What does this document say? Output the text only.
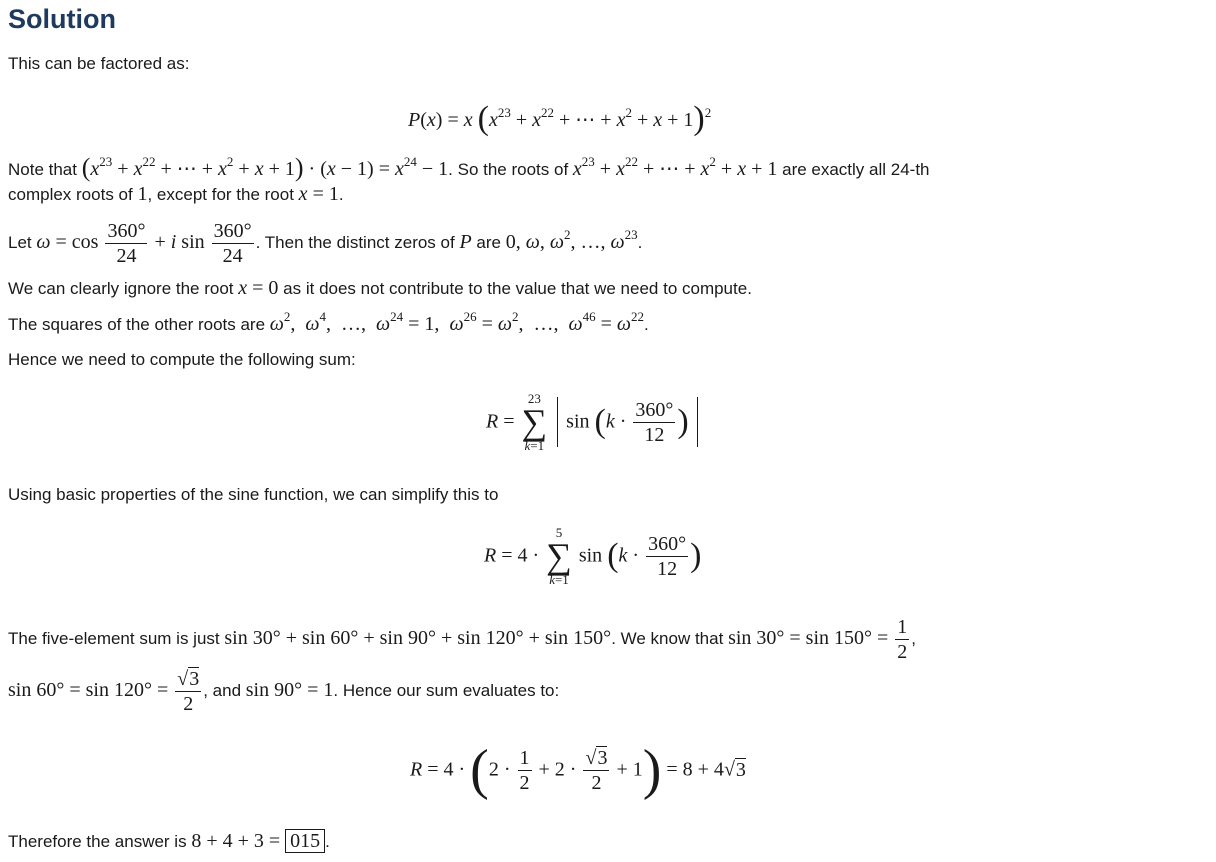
Solution
This can be factored as:
P(x) = x ($x^{23} + x^{22}$ + ⋯ + $x^2 + x + 1)^2$
Note that ($x^{23} + x^{22}$ + ⋯ + $x^2 + x + 1) \cdot (x - 1) = x^{24} - 1$. So the roots of $x^{23} + x^{22}$ + ⋯ + $x^2 + x + 1$ are exactly all 24-th
complex roots of 1, except for the root x = 1.
Let $\omega = \cos \frac{360^\circ}{24} + i$ $\sin \frac{360^\circ}{24}$ . Then the distinct zeros of P are 0, ω, $\omega^2$, …, $\omega^{23}$.
We can clearly ignore the root x = 0 as it does not contribute to the value that we need to compute.
The squares of the other roots are $\omega^2$,  $\omega^4$,  …,  $\omega^{24} = 1$,  $\omega^{26} = \omega^2$,  …,  $\omega^{46} = \omega^{22}$.
Hence we need to compute the following sum:
R =
23
∑
k=1
$\sin (k \cdot \frac{360^\circ}{12}$ )
Using basic properties of the sine function, we can simplify this to
R = 4 ·
5
∑
k=1
$\sin (k \cdot \frac{360^\circ}{12}$ )
The five-element sum is just sin 30° + sin 60° + sin 90° + sin 120° + sin 150°. We know that $\sin 30^\circ = \sin 150^\circ = \frac{1}{2}$ ,
$\sin 60^\circ = \sin 120^\circ = \frac{√3}{2}$ , and sin 90° = 1. Hence our sum evaluates to:
$R = 4 \cdot (2 \cdot \frac{1}{2} + 2 \cdot \frac{√3}{2} + 1) = 8 + 4√3$
Therefore the answer is 8 + 4 + 3 = 015 .
